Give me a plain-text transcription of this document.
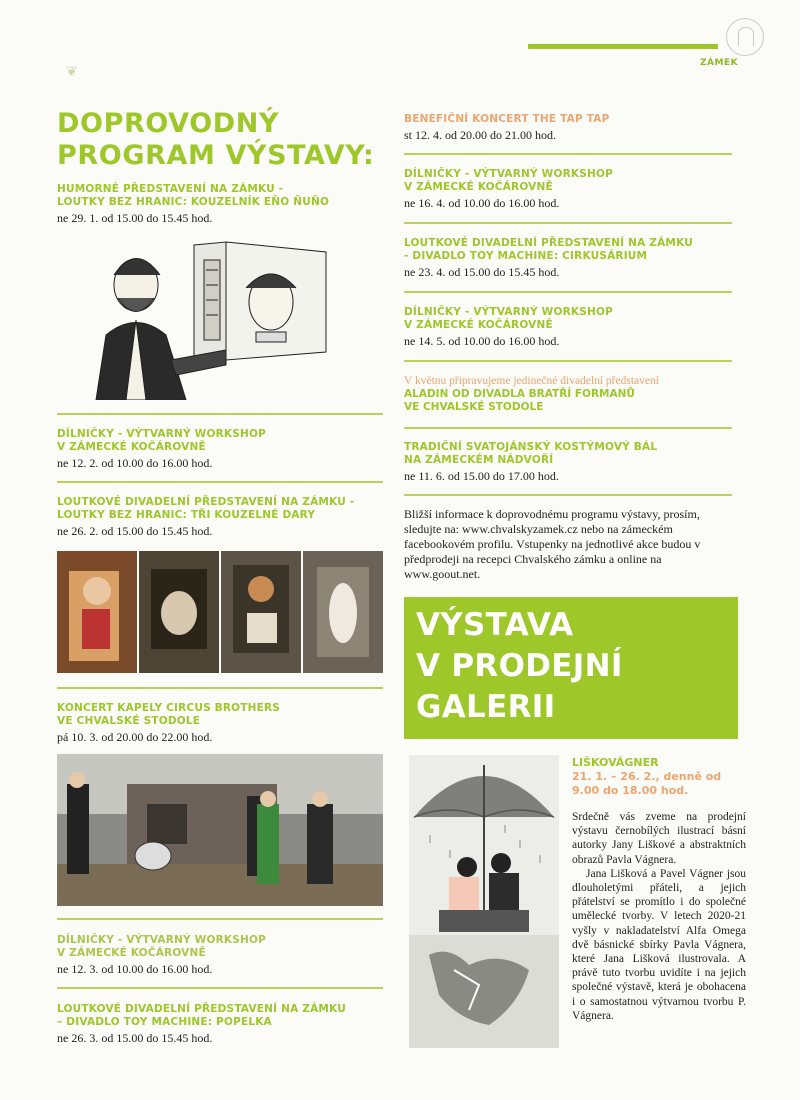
ZÁMEK
❦
DOPROVODNÝ
PROGRAM VÝSTAVY:
HUMORNÉ PŘEDSTAVENÍ NA ZÁMKU -
LOUTKY BEZ HRANIC: KOUZELNÍK EÑO ÑUÑO
ne 29. 1. od 15.00 do 15.45 hod.
DÍLNIČKY - VÝTVARNÝ WORKSHOP
V ZÁMECKÉ KOČÁROVNĚ
ne 12. 2. od 10.00 do 16.00 hod.
LOUTKOVÉ DIVADELNÍ PŘEDSTAVENÍ NA ZÁMKU -
LOUTKY BEZ HRANIC: TŘI KOUZELNÉ DARY
ne 26. 2. od 15.00 do 15.45 hod.
KONCERT KAPELY CIRCUS BROTHERS
VE CHVALSKÉ STODOLE
pá 10. 3. od 20.00 do 22.00 hod.
DÍLNIČKY - VÝTVARNÝ WORKSHOP
V ZÁMECKÉ KOČÁROVNĚ
ne 12. 3. od 10.00 do 16.00 hod.
LOUTKOVÉ DIVADELNÍ PŘEDSTAVENÍ NA ZÁMKU
– DIVADLO TOY MACHINE: POPELKA
ne 26. 3. od 15.00 do 15.45 hod.
BENEFIČNÍ KONCERT THE TAP TAP
st 12. 4. od 20.00 do 21.00 hod.
DÍLNIČKY - VÝTVARNÝ WORKSHOP
V ZÁMECKÉ KOČÁROVNĚ
ne 16. 4. od 10.00 do 16.00 hod.
LOUTKOVÉ DIVADELNÍ PŘEDSTAVENÍ NA ZÁMKU
- DIVADLO TOY MACHINE: CIRKUSÁRIUM
ne 23. 4. od 15.00 do 15.45 hod.
DÍLNIČKY - VÝTVARNÝ WORKSHOP
V ZÁMECKÉ KOČÁROVNĚ
ne 14. 5. od 10.00 do 16.00 hod.
V květnu připravujeme jedinečné divadelní představení
ALADIN OD DIVADLA BRATŘÍ FORMANŮ
VE CHVALSKÉ STODOLE
TRADIČNÍ SVATOJÁNSKÝ KOSTÝMOVÝ BÁL
NA ZÁMECKÉM NÁDVOŘÍ
ne 11. 6. od 15.00 do 17.00 hod.
Bližší informace k doprovodnému programu výstavy, prosím, sledujte na: www.chvalskyzamek.cz nebo na zámeckém facebookovém profilu. Vstupenky na jednotlivé akce budou v předprodeji na recepci Chvalského zámku a online na www.goout.net.
VÝSTAVA
V PRODEJNÍ
GALERII
LIŠKOVÁGNER
21. 1. – 26. 2., denně od
9.00 do 18.00 hod.

Srdečně vás zveme na prodejní výstavu černobílých ilustrací básní autorky Jany Liškové a abstraktních obrazů Pavla Vágnera.

Jana Lišková a Pavel Vágner jsou dlouholetými přáteli, a jejich přátelství se promítlo i do společné umělecké tvorby. V letech 2020-21 vyšly v nakladatelství Alfa Omega dvě básnické sbírky Pavla Vágnera, které Jana Lišková ilustrovala. A právě tuto tvorbu uvidíte i na jejich společné výstavě, která je obohacena i o samostatnou výtvarnou tvorbu P. Vágnera.
